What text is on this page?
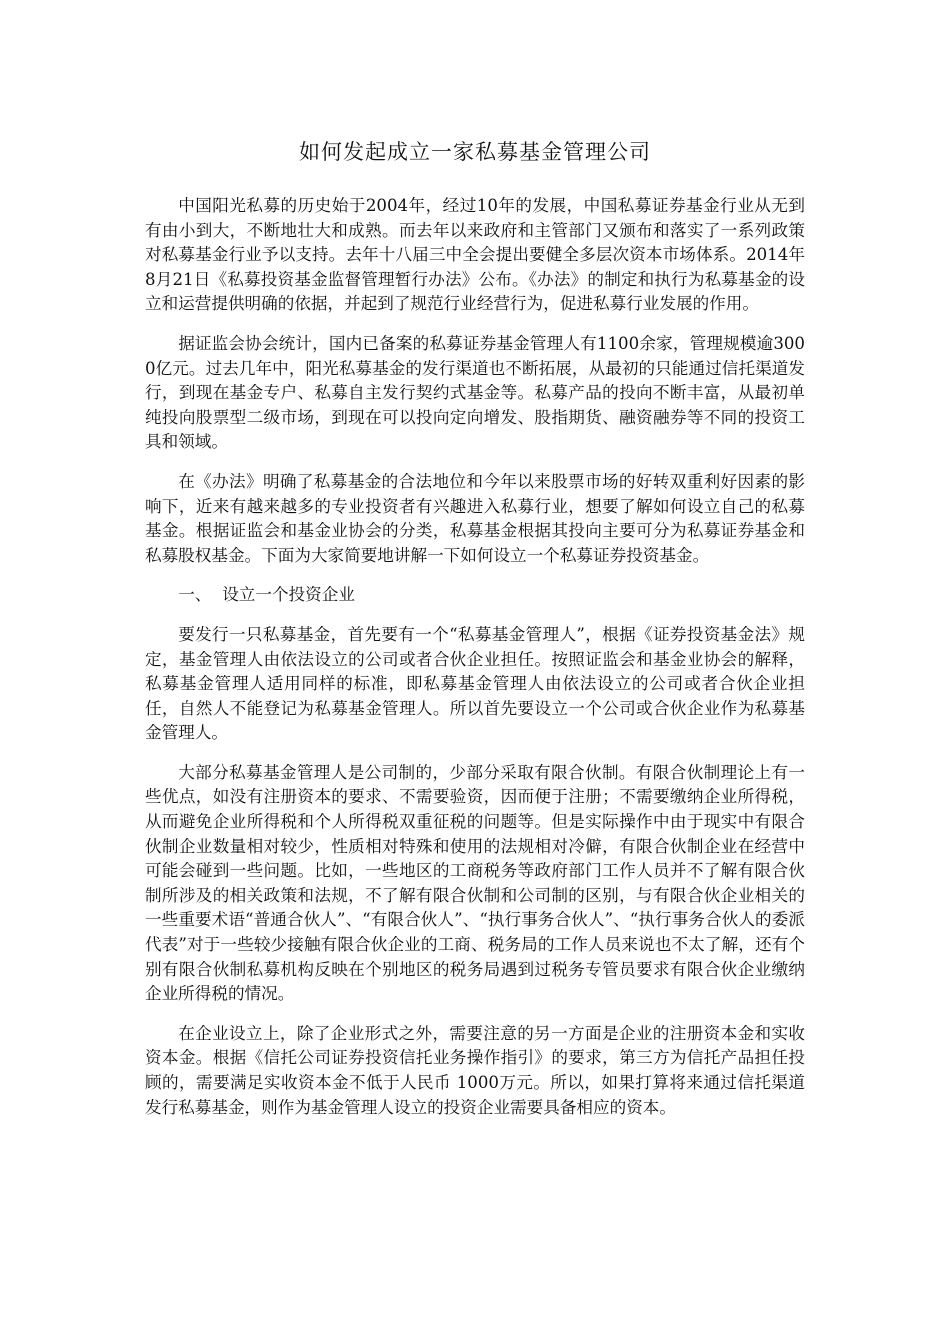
如何发起成立一家私募基金管理公司

中国阳光私募的历史始于2004年，经过10年的发展，中国私募证券基金行业从无到有由小到大，不断地壮大和成熟。而去年以来政府和主管部门又颁布和落实了一系列政策对私募基金行业予以支持。去年十八届三中全会提出要健全多层次资本市场体系。2014年8月21日《私募投资基金监督管理暂行办法》公布。《办法》的制定和执行为私募基金的设立和运营提供明确的依据，并起到了规范行业经营行为，促进私募行业发展的作用。

据证监会协会统计，国内已备案的私募证券基金管理人有1100余家，管理规模逾3000亿元。过去几年中，阳光私募基金的发行渠道也不断拓展，从最初的只能通过信托渠道发行，到现在基金专户、私募自主发行契约式基金等。私募产品的投向不断丰富，从最初单纯投向股票型二级市场，到现在可以投向定向增发、股指期货、融资融券等不同的投资工具和领域。

在《办法》明确了私募基金的合法地位和今年以来股票市场的好转双重利好因素的影响下，近来有越来越多的专业投资者有兴趣进入私募行业，想要了解如何设立自己的私募基金。根据证监会和基金业协会的分类，私募基金根据其投向主要可分为私募证券基金和私募股权基金。下面为大家简要地讲解一下如何设立一个私募证券投资基金。

一、 设立一个投资企业

要发行一只私募基金，首先要有一个“私募基金管理人”，根据《证券投资基金法》规定，基金管理人由依法设立的公司或者合伙企业担任。按照证监会和基金业协会的解释，私募基金管理人适用同样的标准，即私募基金管理人由依法设立的公司或者合伙企业担任，自然人不能登记为私募基金管理人。所以首先要设立一个公司或合伙企业作为私募基金管理人。

大部分私募基金管理人是公司制的，少部分采取有限合伙制。有限合伙制理论上有一些优点，如没有注册资本的要求、不需要验资，因而便于注册；不需要缴纳企业所得税，从而避免企业所得税和个人所得税双重征税的问题等。但是实际操作中由于现实中有限合伙制企业数量相对较少，性质相对特殊和使用的法规相对冷僻，有限合伙制企业在经营中可能会碰到一些问题。比如，一些地区的工商税务等政府部门工作人员并不了解有限合伙制所涉及的相关政策和法规，不了解有限合伙制和公司制的区别，与有限合伙企业相关的一些重要术语“普通合伙人”、“有限合伙人”、“执行事务合伙人”、“执行事务合伙人的委派代表”对于一些较少接触有限合伙企业的工商、税务局的工作人员来说也不太了解，还有个别有限合伙制私募机构反映在个别地区的税务局遇到过税务专管员要求有限合伙企业缴纳企业所得税的情况。

在企业设立上，除了企业形式之外，需要注意的另一方面是企业的注册资本金和实收资本金。根据《信托公司证券投资信托业务操作指引》的要求，第三方为信托产品担任投顾的，需要满足实收资本金不低于人民币 1000万元。所以，如果打算将来通过信托渠道发行私募基金，则作为基金管理人设立的投资企业需要具备相应的资本。
